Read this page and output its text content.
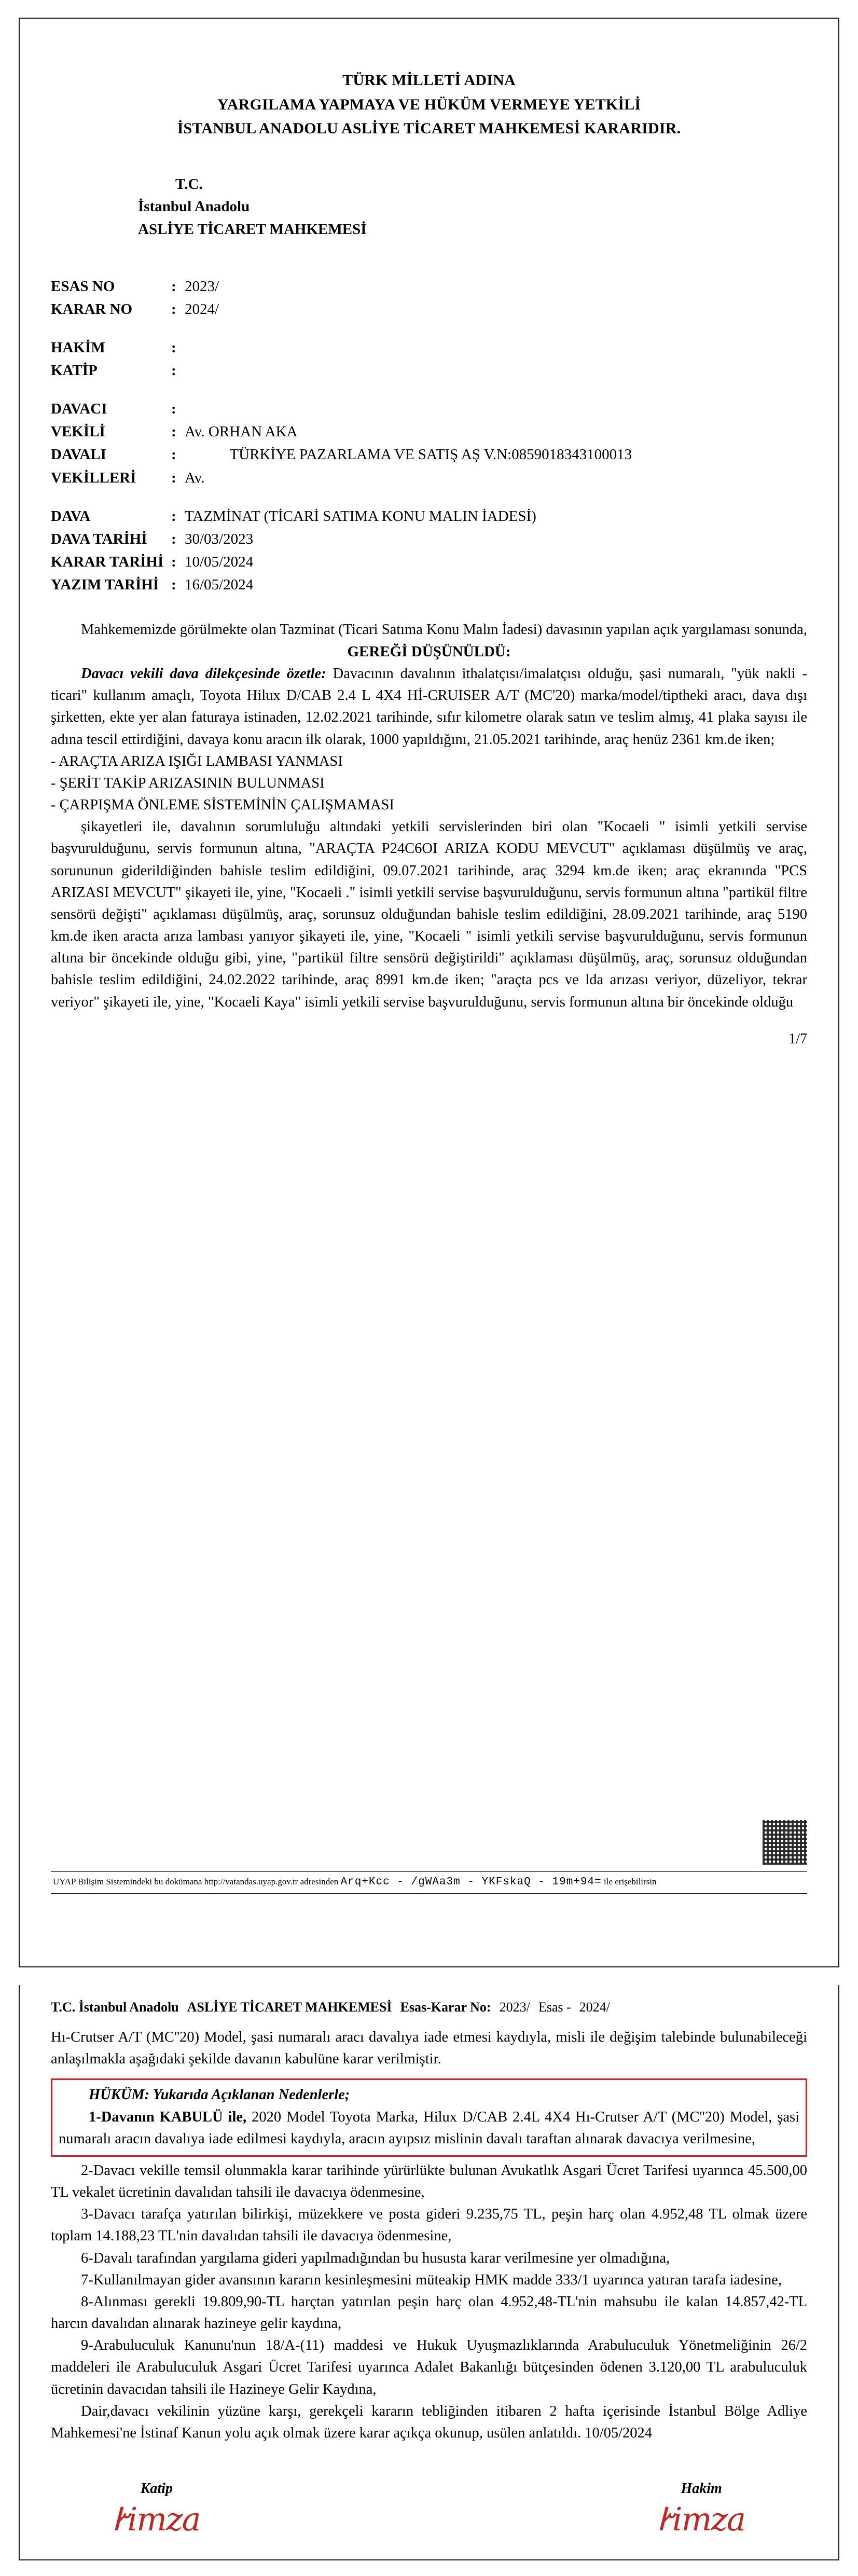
TÜRK MİLLETİ ADINA
YARGILAMA YAPMAYA VE HÜKÜM VERMEYE YETKİLİ
İSTANBUL ANADOLU ASLİYE TİCARET MAHKEMESİ KARARIDIR.
T.C.
İstanbul Anadolu
ASLİYE TİCARET MAHKEMESİ
ESAS NO	: 2023/
KARAR NO	: 2024/
HAKİM	:
KATİP	:
DAVACI	:
VEKİLİ	: Av. ORHAN AKA
DAVALI	: TÜRKİYE PAZARLAMA VE SATIŞ AŞ V.N:0859018343100013
VEKİLLERİ	: Av.
DAVA	: TAZMİNAT (TİCARİ SATIMA KONU MALIN İADESİ)
DAVA TARİHİ	: 30/03/2023
KARAR TARİHİ : 10/05/2024
YAZIM TARİHİ : 16/05/2024

Mahkememizde görülmekte olan Tazminat (Ticari Satıma Konu Malın İadesi) davasının yapılan açık yargılaması sonunda,

GEREĞİ DÜŞÜNÜLDÜ:

Davacı vekili dava dilekçesinde özetle: Davacının davalının ithalatçısı/imalatçısı olduğu, şasi numaralı, "yük nakli - ticari" kullanım amaçlı, Toyota Hilux D/CAB 2.4 L 4X4 Hİ-CRUISER A/T (MC'20) marka/model/tiptheki aracı, dava dışı şirketten, ekte yer alan faturaya istinaden, 12.02.2021 tarihinde, sıfır kilometre olarak satın ve teslim almış, 41 plaka sayısı ile adına tescil ettirdiğini, davaya konu aracın ilk olarak, 1000 yapıldığını, 21.05.2021 tarihinde, araç henüz 2361 km.de iken;

- ARAÇTA ARIZA IŞIĞI LAMBASI YANMASI

- ŞERİT TAKİP ARIZASININ BULUNMASI

- ÇARPIŞMA ÖNLEME SİSTEMİNİN ÇALIŞMAMASI

şikayetleri ile, davalının sorumluluğu altındaki yetkili servislerinden biri olan "Kocaeli " isimli yetkili servise başvurulduğunu, servis formunun altına, "ARAÇTA P24C6OI ARIZA KODU MEVCUT" açıklaması düşülmüş ve araç, sorununun giderildiğinden bahisle teslim edildiğini, 09.07.2021 tarihinde, araç 3294 km.de iken; araç ekranında "PCS ARIZASI MEVCUT" şikayeti ile, yine, "Kocaeli ." isimli yetkili servise başvurulduğunu, servis formunun altına "partikül filtre sensörü değişti" açıklaması düşülmüş, araç, sorunsuz olduğundan bahisle teslim edildiğini, 28.09.2021 tarihinde, araç 5190 km.de iken aracta arıza lambası yanıyor şikayeti ile, yine, "Kocaeli " isimli yetkili servise başvurulduğunu, servis formunun altına bir öncekinde olduğu gibi, yine, "partikül filtre sensörü değiştirildi" açıklaması düşülmüş, araç, sorunsuz olduğundan bahisle teslim edildiğini, 24.02.2022 tarihinde, araç 8991 km.de iken; "araçta pcs ve lda arızası veriyor, düzeliyor, tekrar veriyor" şikayeti ile, yine, "Kocaeli Kaya" isimli yetkili servise başvurulduğunu, servis formunun altına bir öncekinde olduğu

1/7
UYAP Bilişim Sistemindeki bu dokümana http://vatandas.uyap.gov.tr adresinden Arq+Kcc - /gWAa3m - YKFskaQ - 19m+94= ile erişebilirsin
T.C. İstanbul Anadolu ASLİYE TİCARET MAHKEMESİ Esas-Karar No: 2023/ Esas - 2024/

Hı-Crutser A/T (MC''20) Model, şasi numaralı aracı davalıya iade etmesi kaydıyla, misli ile değişim talebinde bulunabileceği anlaşılmakla aşağıdaki şekilde davanın kabulüne karar verilmiştir.

HÜKÜM: Yukarıda Açıklanan Nedenlerle;

1-Davanın KABULÜ ile, 2020 Model Toyota Marka, Hilux D/CAB 2.4L 4X4 Hı-Crutser A/T (MC''20) Model, şasi numaralı aracın davalıya iade edilmesi kaydıyla, aracın ayıpsız mislinin davalı taraftan alınarak davacıya verilmesine,

2-Davacı vekille temsil olunmakla karar tarihinde yürürlükte bulunan Avukatlık Asgari Ücret Tarifesi uyarınca 45.500,00 TL vekalet ücretinin davalıdan tahsili ile davacıya ödenmesine,

3-Davacı tarafça yatırılan bilirkişi, müzekkere ve posta gideri 9.235,75 TL, peşin harç olan 4.952,48 TL olmak üzere toplam 14.188,23 TL'nin davalıdan tahsili ile davacıya ödenmesine,

6-Davalı tarafından yargılama gideri yapılmadığından bu hususta karar verilmesine yer olmadığına,

7-Kullanılmayan gider avansının kararın kesinleşmesini müteakip HMK madde 333/1 uyarınca yatıran tarafa iadesine,

8-Alınması gerekli 19.809,90-TL harçtan yatırılan peşin harç olan 4.952,48-TL'nin mahsubu ile kalan 14.857,42-TL harcın davalıdan alınarak hazineye gelir kaydına,

9-Arabuluculuk Kanunu'nun 18/A-(11) maddesi ve Hukuk Uyuşmazlıklarında Arabuluculuk Yönetmeliğinin 26/2 maddeleri ile Arabuluculuk Asgari Ücret Tarifesi uyarınca Adalet Bakanlığı bütçesinden ödenen 3.120,00 TL arabuluculuk ücretinin davacıdan tahsili ile Hazineye Gelir Kaydına,

Dair,davacı vekilinin yüzüne karşı, gerekçeli kararın tebliğinden itibaren 2 hafta içerisinde İstanbul Bölge Adliye Mahkemesi'ne İstinaf Kanun yolu açık olmak üzere karar açıkça okunup, usülen anlatıldı. 10/05/2024

Katip
Ꭸimza
Hakim
Ꭸimza
